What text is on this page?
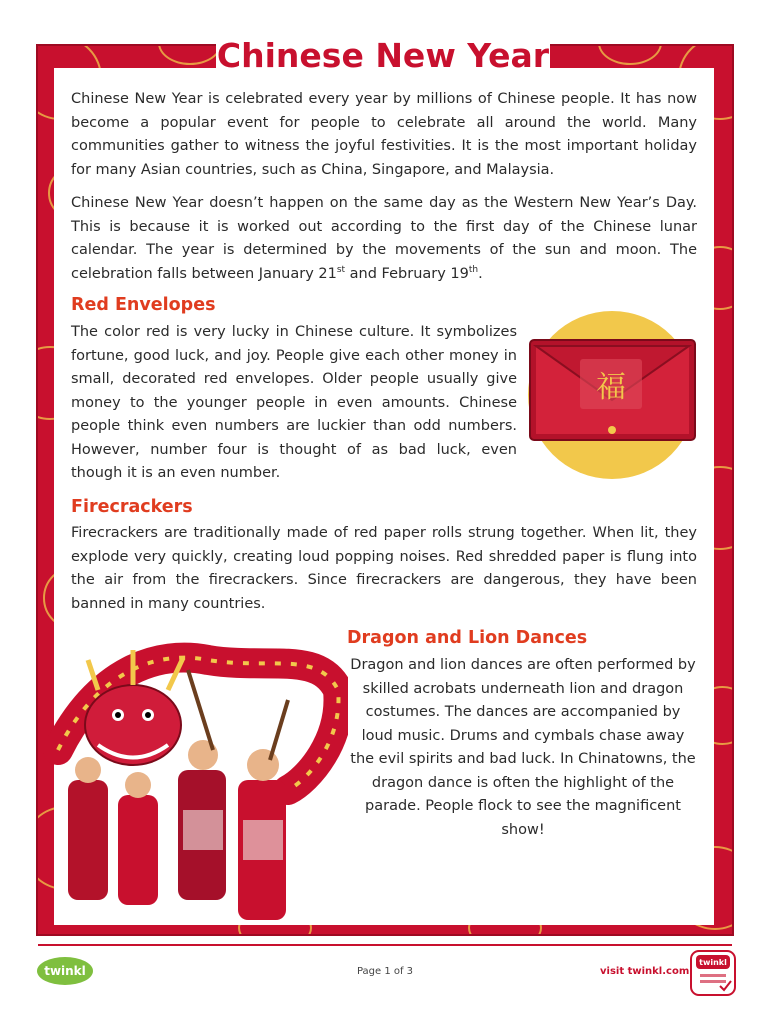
Chinese New Year

Chinese New Year is celebrated every year by millions of Chinese people. It has now become a popular event for people to celebrate all around the world. Many communities gather to witness the joyful festivities. It is the most important holiday for many Asian countries, such as China, Singapore, and Malaysia.

Chinese New Year doesn’t happen on the same day as the Western New Year’s Day. This is because it is worked out according to the first day of the Chinese lunar calendar. The year is determined by the movements of the sun and moon. The celebration falls between January 21st and February 19th.

Red Envelopes

The color red is very lucky in Chinese culture. It symbolizes fortune, good luck, and joy. People give each other money in small, decorated red envelopes. Older people usually give money to the younger people in even amounts. Chinese people think even numbers are luckier than odd numbers. However, number four is thought of as bad luck, even though it is an even number.

福
Firecrackers

Firecrackers are traditionally made of red paper rolls strung together. When lit, they explode very quickly, creating loud popping noises. Red shredded paper is flung into the air from the firecrackers. Since firecrackers are dangerous, they have been banned in many countries.

Dragon and Lion Dances

Dragon and lion dances are often performed by skilled acrobats underneath lion and dragon costumes. The dances are accompanied by loud music. Drums and cymbals chase away the evil spirits and bad luck. In Chinatowns, the dragon dance is often the highlight of the parade. People flock to see the magnificent show!

twinkl	Page 1 of 3	visit twinkl.com
twinkl
